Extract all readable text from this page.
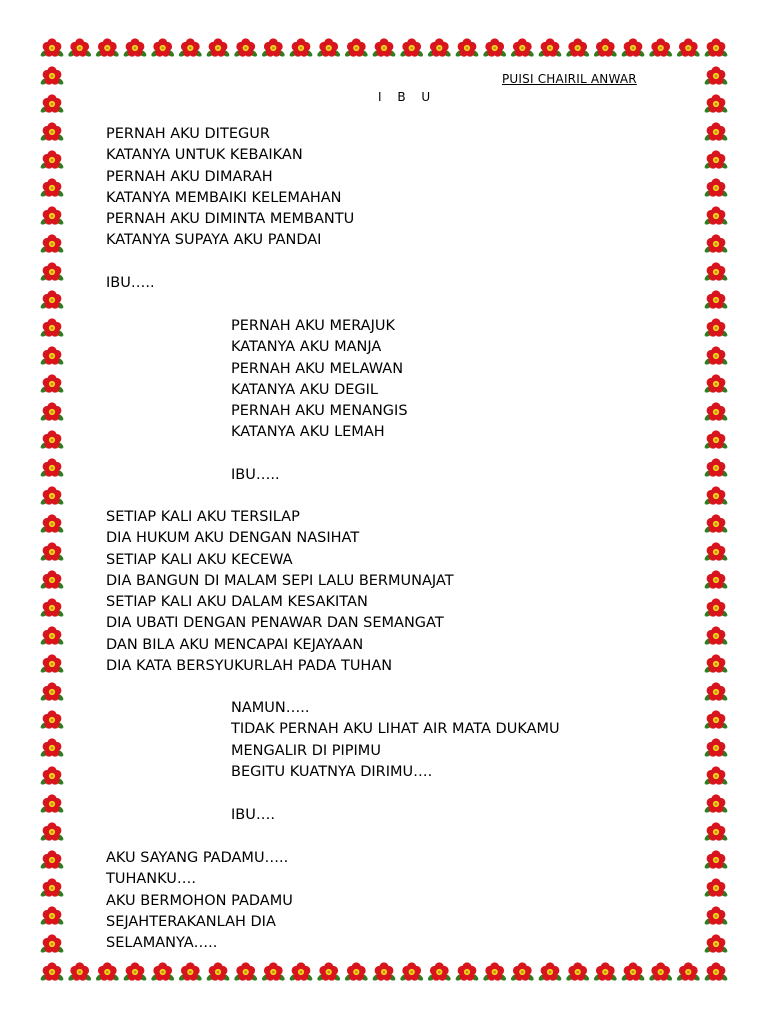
PUISI CHAIRIL ANWAR
I B U
PERNAH AKU DITEGUR
KATANYA UNTUK KEBAIKAN
PERNAH AKU DIMARAH
KATANYA MEMBAIKI KELEMAHAN
PERNAH AKU DIMINTA MEMBANTU
KATANYA SUPAYA AKU PANDAI
IBU…..
PERNAH AKU MERAJUK
KATANYA AKU MANJA
PERNAH AKU MELAWAN
KATANYA AKU DEGIL
PERNAH AKU MENANGIS
KATANYA AKU LEMAH
IBU…..
SETIAP KALI AKU TERSILAP
DIA HUKUM AKU DENGAN NASIHAT
SETIAP KALI AKU KECEWA
DIA BANGUN DI MALAM SEPI LALU BERMUNAJAT
SETIAP KALI AKU DALAM KESAKITAN
DIA UBATI DENGAN PENAWAR DAN SEMANGAT
DAN BILA AKU MENCAPAI KEJAYAAN
DIA KATA BERSYUKURLAH PADA TUHAN
NAMUN…..
TIDAK PERNAH AKU LIHAT AIR MATA DUKAMU
MENGALIR DI PIPIMU
BEGITU KUATNYA DIRIMU….
IBU….
AKU SAYANG PADAMU…..
TUHANKU….
AKU BERMOHON PADAMU
SEJAHTERAKANLAH DIA
SELAMANYA…..
